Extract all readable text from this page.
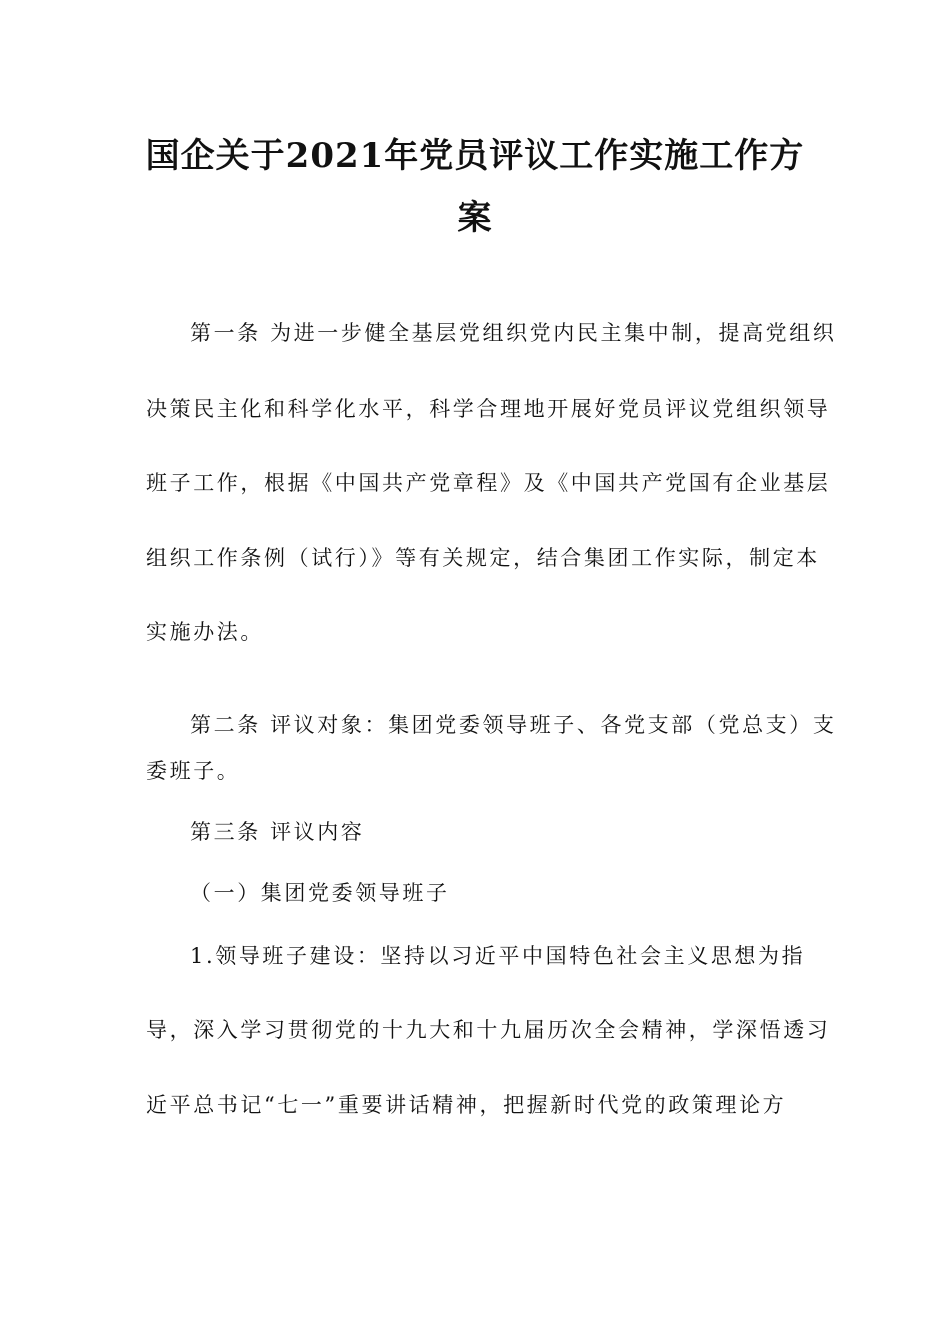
国企关于2021年党员评议工作实施工作方案
第一条 为进一步健全基层党组织党内民主集中制，提高党组织
决策民主化和科学化水平，科学合理地开展好党员评议党组织领导
班子工作，根据《中国共产党章程》及《中国共产党国有企业基层
组织工作条例（试行）》等有关规定，结合集团工作实际，制定本
实施办法。
第二条 评议对象：集团党委领导班子、各党支部（党总支）支
委班子。
第三条 评议内容
（一）集团党委领导班子
1.领导班子建设：坚持以习近平中国特色社会主义思想为指
导，深入学习贯彻党的十九大和十九届历次全会精神，学深悟透习
近平总书记“七一”重要讲话精神，把握新时代党的政策理论方
